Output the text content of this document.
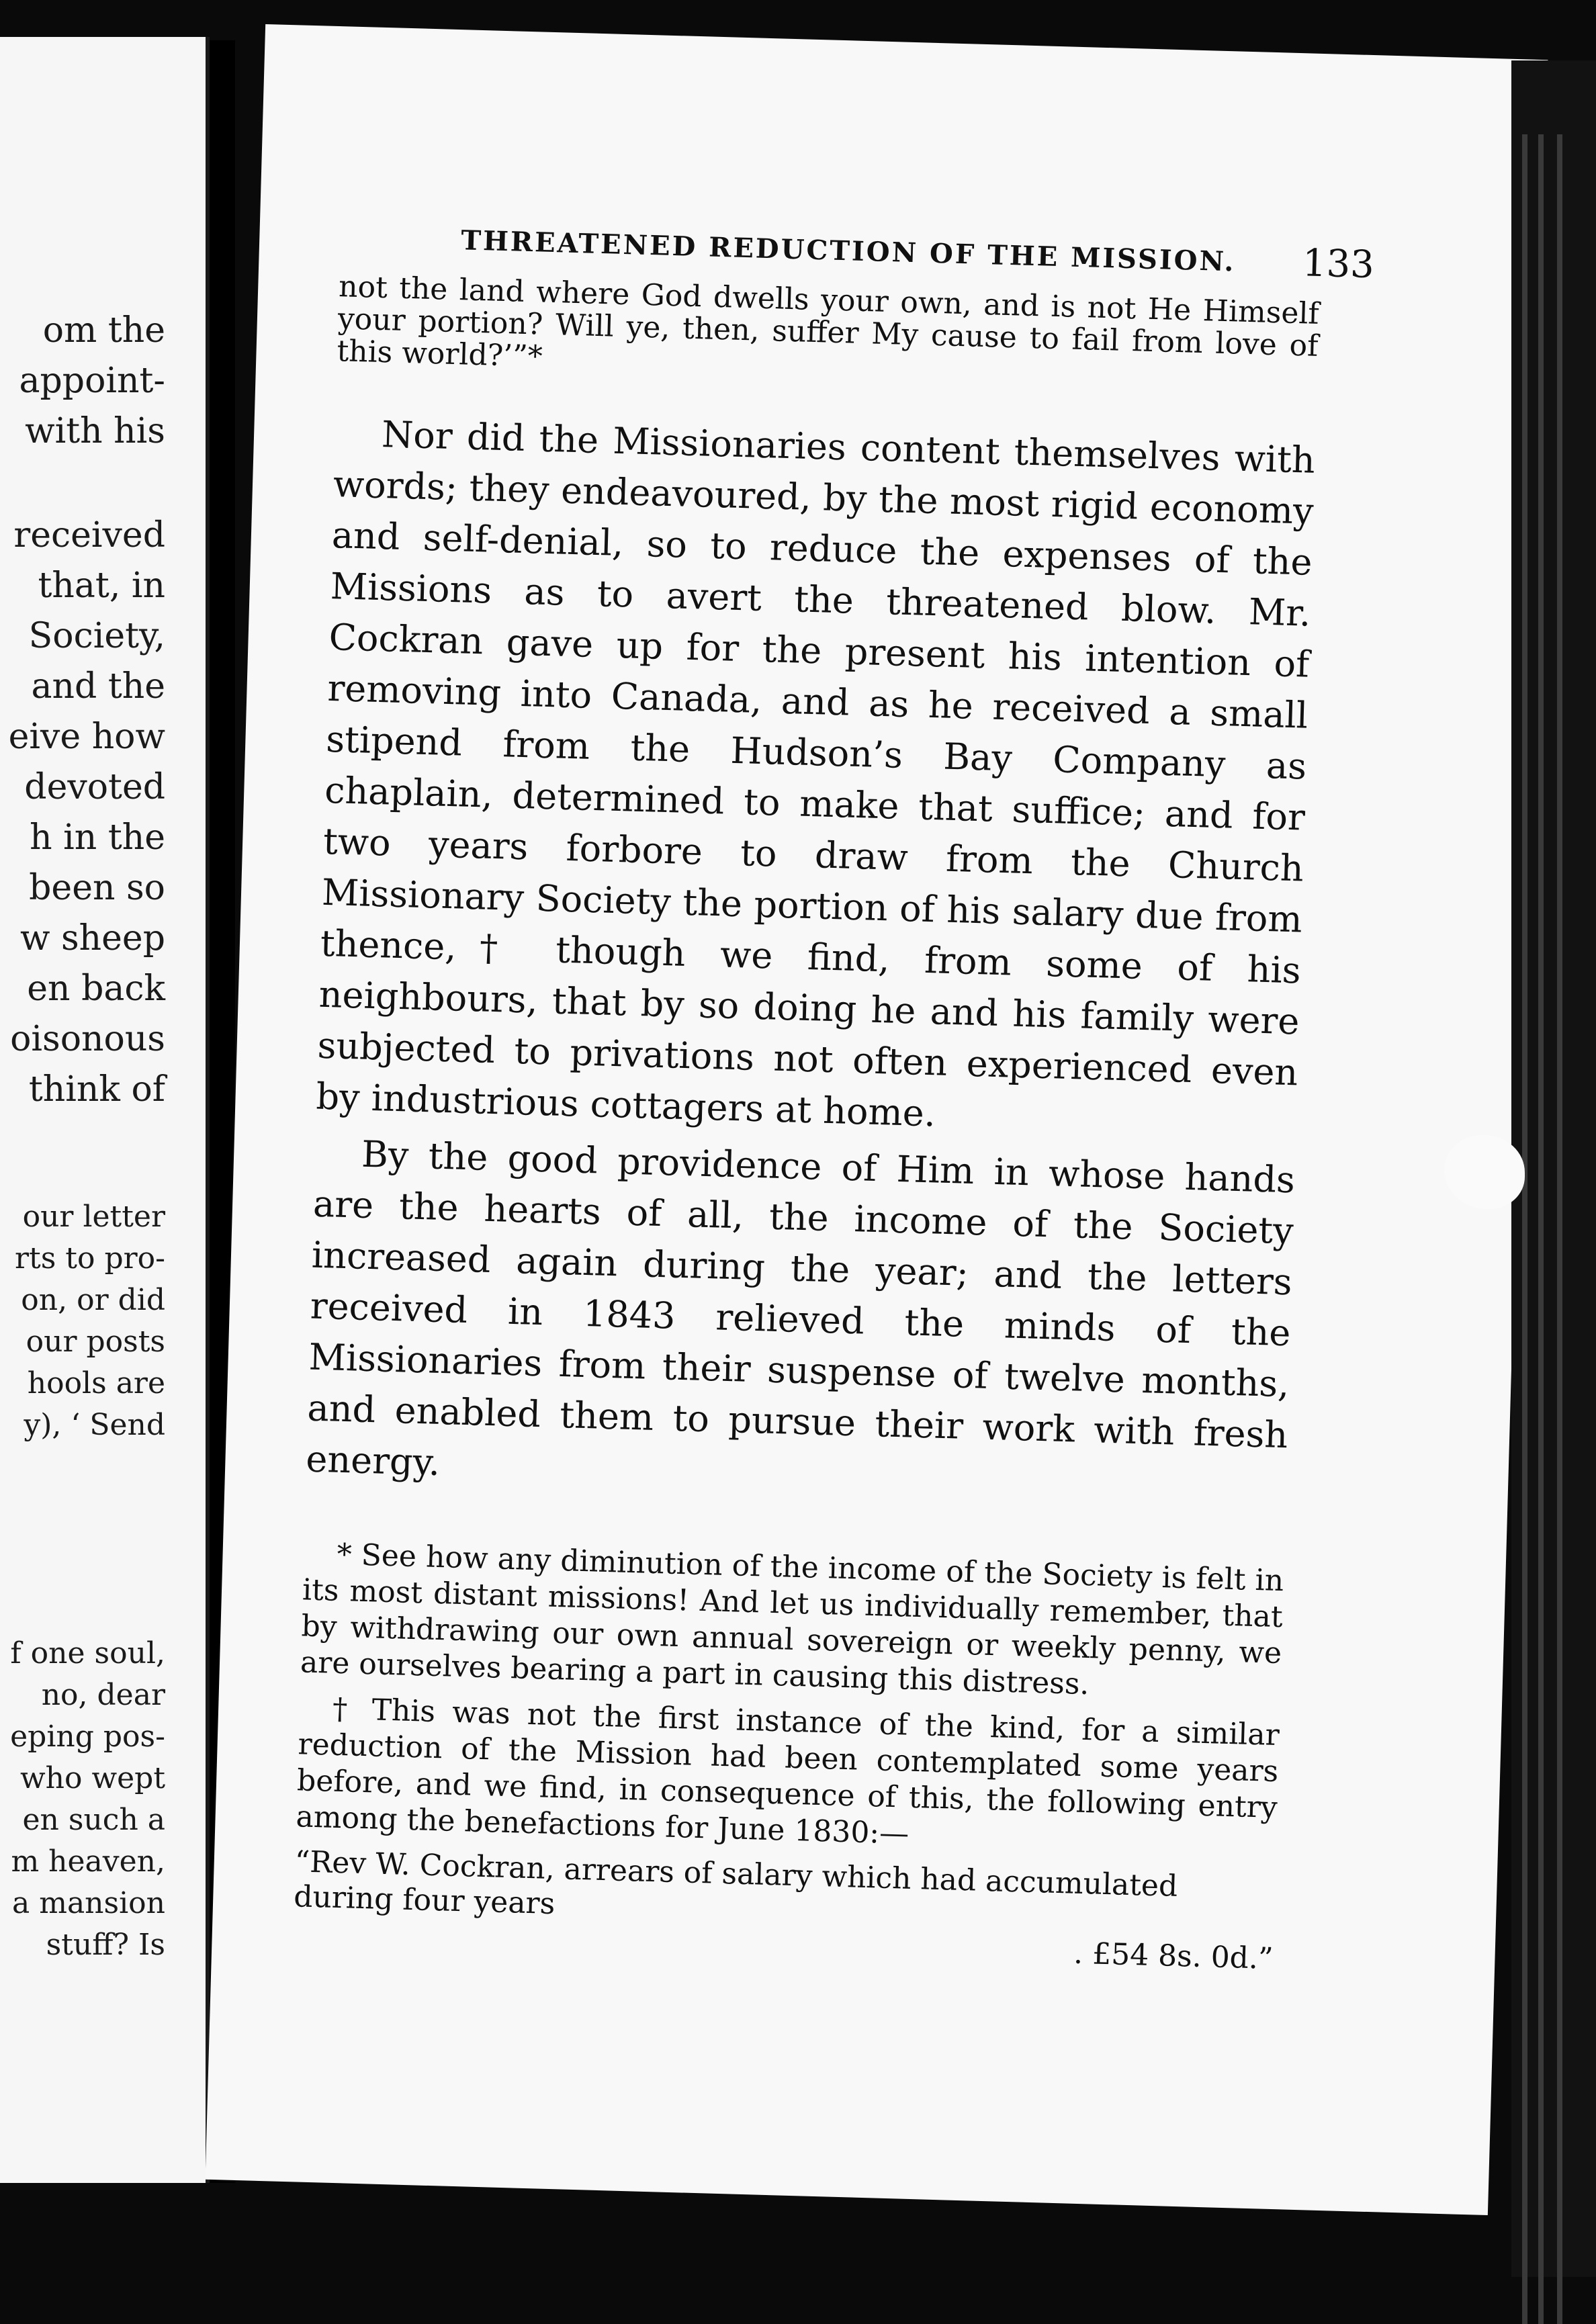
om the
appoint-
with his
received
that, in
Society,
and the
eive how
devoted
h in the
been so
w sheep
en back
oisonous
think of
our letter
rts to pro-
on, or did
our posts
hools are
y), ‘ Send
f one soul,
no, dear
eping pos-
who wept
en such a
m heaven,
a mansion
stuff? Is
THREATENED REDUCTION OF THE MISSION. 133

not the land where God dwells your own, and is not He Himself your portion? Will ye, then, suffer My cause to fail from love of this world?’”*

Nor did the Missionaries content themselves with words; they endeavoured, by the most rigid economy and self-denial, so to reduce the expenses of the Missions as to avert the threatened blow. Mr. Cockran gave up for the present his intention of removing into Canada, and as he received a small stipend from the Hudson’s Bay Company as chaplain, determined to make that suffice; and for two years forbore to draw from the Church Missionary Society the portion of his salary due from thence,† though we find, from some of his neighbours, that by so doing he and his family were subjected to privations not often experienced even by industrious cottagers at home.

By the good providence of Him in whose hands are the hearts of all, the income of the Society increased again during the year; and the letters received in 1843 relieved the minds of the Missionaries from their suspense of twelve months, and enabled them to pursue their work with fresh energy.

* See how any diminution of the income of the Society is felt in its most distant missions! And let us individually remember, that by withdrawing our own annual sovereign or weekly penny, we are ourselves bearing a part in causing this distress.

† This was not the first instance of the kind, for a similar reduction of the Mission had been contemplated some years before, and we find, in consequence of this, the following entry among the benefactions for June 1830:—

“Rev W. Cockran, arrears of salary which had accumulated during four years
. £54 8s. 0d.”
